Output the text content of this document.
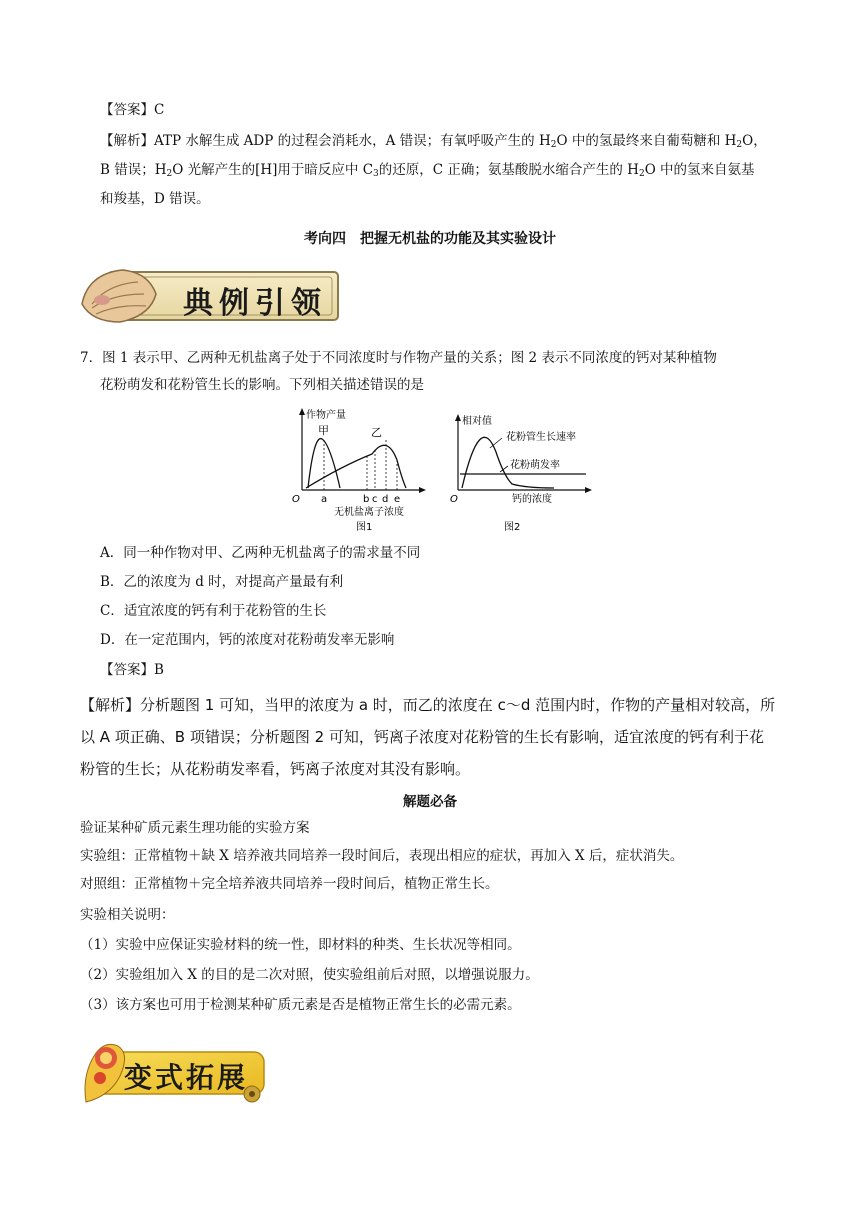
【答案】C
【解析】ATP 水解生成 ADP 的过程会消耗水，A 错误；有氧呼吸产生的 $H_2O$ 中的氢最终来自葡萄糖和 $H_2O$，
B 错误；$H_2O$ 光解产生的[H]用于暗反应中 $C_3$的还原，C 正确；氨基酸脱水缩合产生的 $H_2O$ 中的氢来自氨基
和羧基，D 错误。
考向四　把握无机盐的功能及其实验设计
典例引领
7．图 1 表示甲、乙两种无机盐离子处于不同浓度时与作物产量的关系；图 2 表示不同浓度的钙对某种植物
花粉萌发和花粉管生长的影响。下列相关描述错误的是
作物产量
甲	乙
O a	b c d e
无机盐离子浓度
图1
相对值
花粉管生长速率
花粉萌发率
O	钙的浓度
图2
A．同一种作物对甲、乙两种无机盐离子的需求量不同
B．乙的浓度为 d 时，对提高产量最有利
C．适宜浓度的钙有利于花粉管的生长
D．在一定范围内，钙的浓度对花粉萌发率无影响
【答案】B
【解析】分析题图 1 可知，当甲的浓度为 a 时，而乙的浓度在 c～d 范围内时，作物的产量相对较高，所
以 A 项正确、B 项错误；分析题图 2 可知，钙离子浓度对花粉管的生长有影响，适宜浓度的钙有利于花
粉管的生长；从花粉萌发率看，钙离子浓度对其没有影响。
解题必备
验证某种矿质元素生理功能的实验方案
实验组：正常植物＋缺 X 培养液共同培养一段时间后，表现出相应的症状，再加入 X 后，症状消失。
对照组：正常植物＋完全培养液共同培养一段时间后，植物正常生长。
实验相关说明：
（1）实验中应保证实验材料的统一性，即材料的种类、生长状况等相同。
（2）实验组加入 X 的目的是二次对照，使实验组前后对照，以增强说服力。
（3）该方案也可用于检测某种矿质元素是否是植物正常生长的必需元素。
变式拓展
